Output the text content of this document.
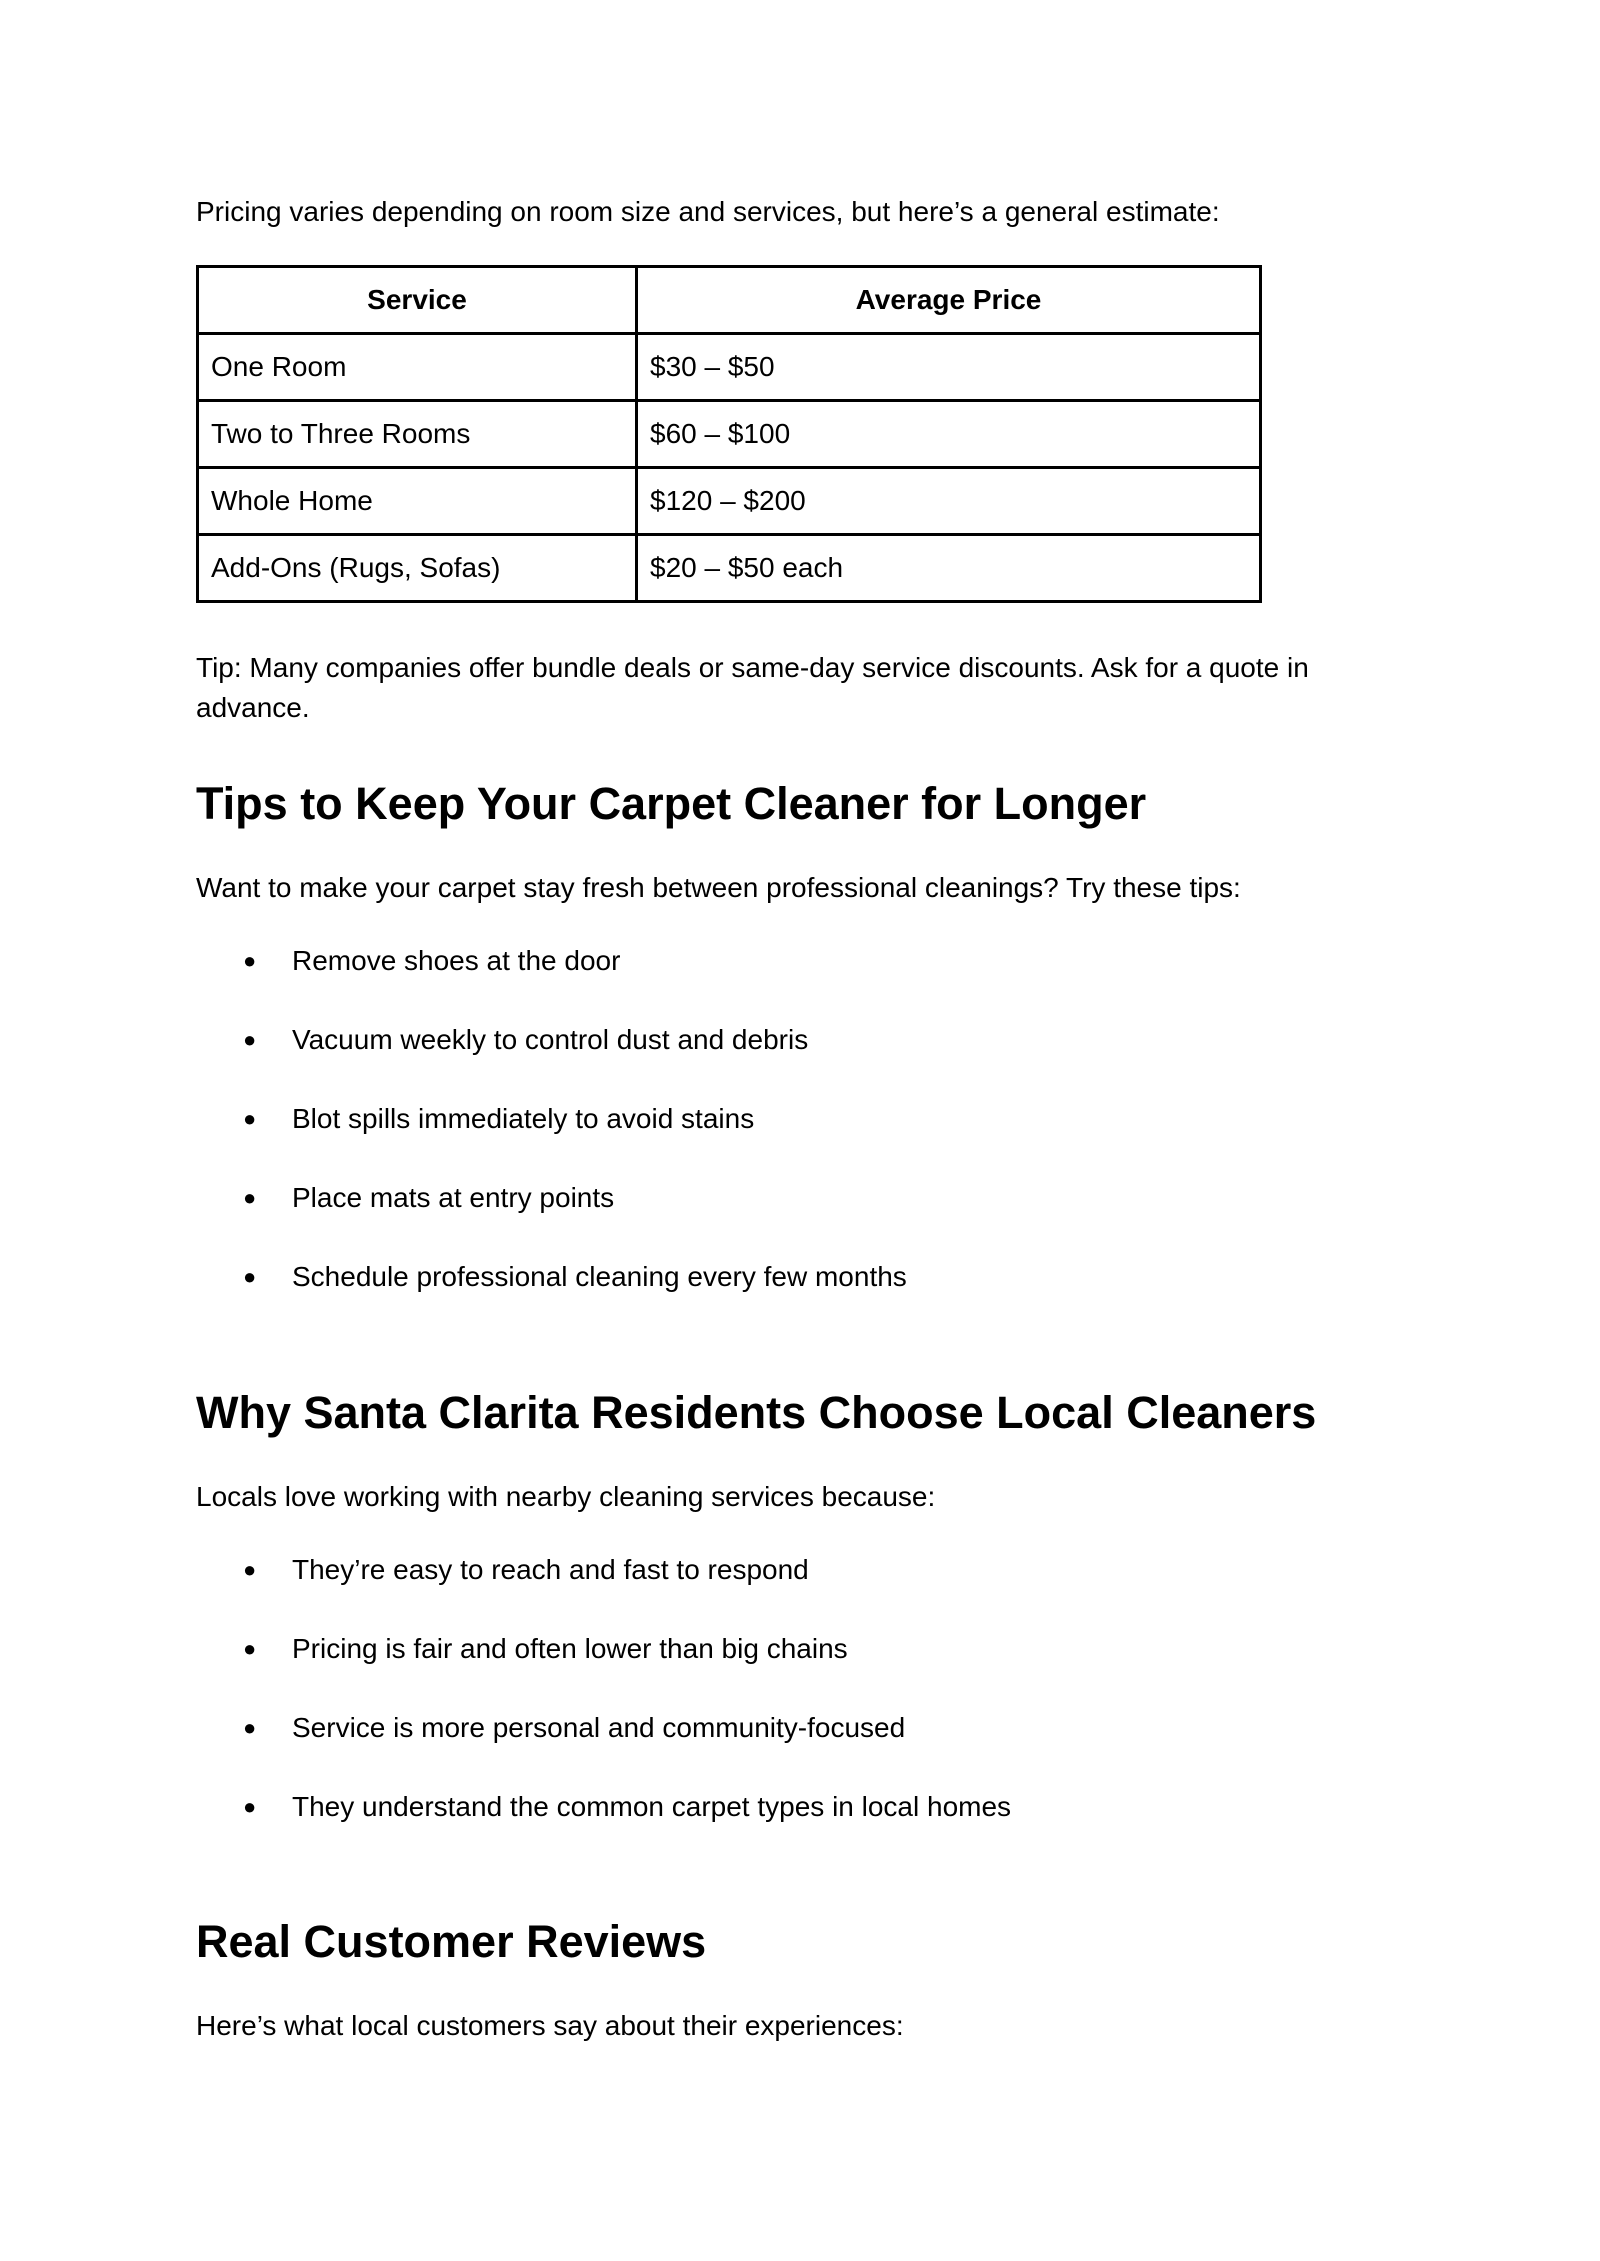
Pricing varies depending on room size and services, but here’s a general estimate:

Service	Average Price
One Room	$30 – $50
Two to Three Rooms	$60 – $100
Whole Home	$120 – $200
Add-Ons (Rugs, Sofas)	$20 – $50 each

Tip: Many companies offer bundle deals or same-day service discounts. Ask for a quote in advance.

Tips to Keep Your Carpet Cleaner for Longer

Want to make your carpet stay fresh between professional cleanings? Try these tips:

● Remove shoes at the door
● Vacuum weekly to control dust and debris
● Blot spills immediately to avoid stains
● Place mats at entry points
● Schedule professional cleaning every few months
Why Santa Clarita Residents Choose Local Cleaners

Locals love working with nearby cleaning services because:

● They’re easy to reach and fast to respond
● Pricing is fair and often lower than big chains
● Service is more personal and community-focused
● They understand the common carpet types in local homes
Real Customer Reviews

Here’s what local customers say about their experiences:
